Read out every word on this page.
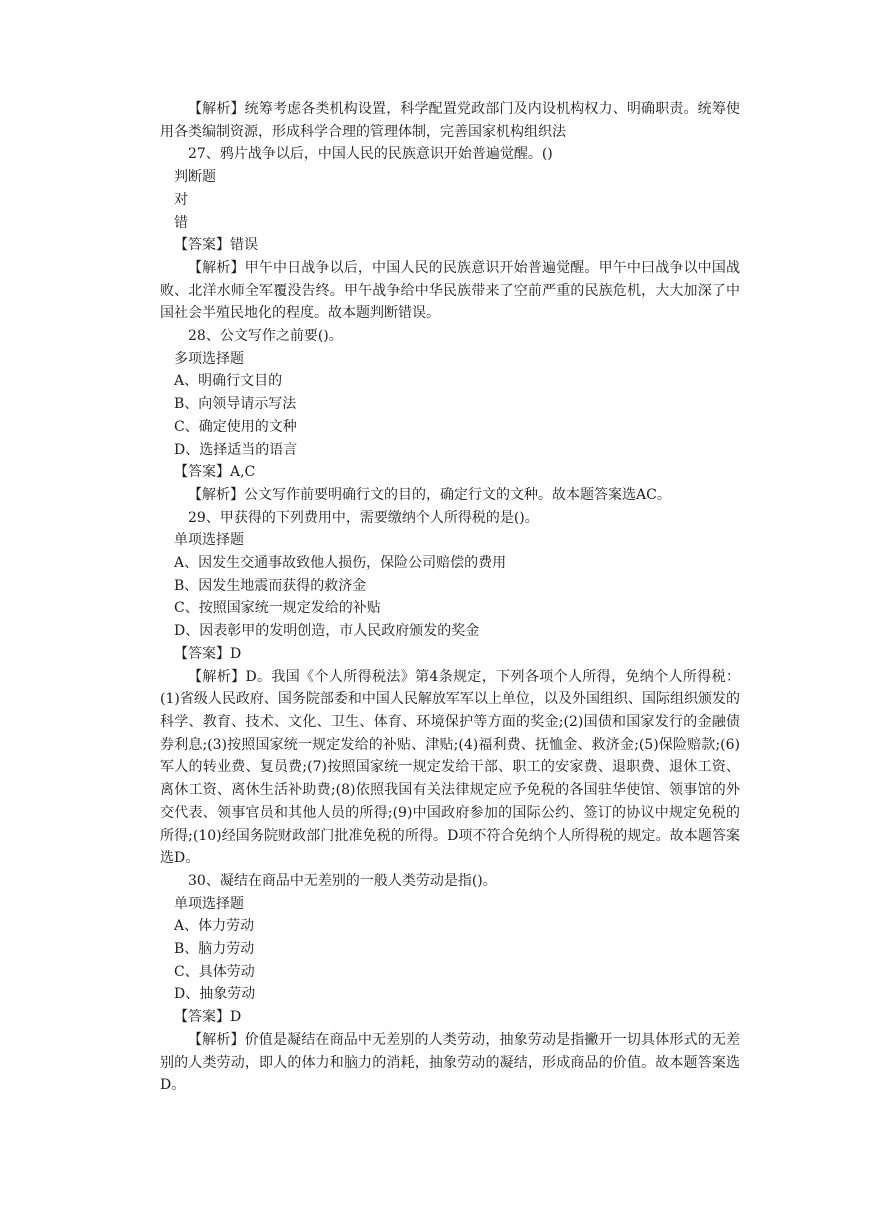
【解析】统筹考虑各类机构设置，科学配置党政部门及内设机构权力、明确职责。统筹使用各类编制资源，形成科学合理的管理体制，完善国家机构组织法

27、鸦片战争以后，中国人民的民族意识开始普遍觉醒。()

判断题

对

错

【答案】错误

【解析】甲午中日战争以后，中国人民的民族意识开始普遍觉醒。甲午中曰战争以中国战败、北洋水师全军覆没告终。甲午战争给中华民族带来了空前严重的民族危机，大大加深了中国社会半殖民地化的程度。故本题判断错误。

28、公文写作之前要()。

多项选择题

A、明确行文目的

B、向领导请示写法

C、确定使用的文种

D、选择适当的语言

【答案】A,C

【解析】公文写作前要明确行文的目的，确定行文的文种。故本题答案选AC。

29、甲获得的下列费用中，需要缴纳个人所得税的是()。

单项选择题

A、因发生交通事故致他人损伤，保险公司赔偿的费用

B、因发生地震而获得的救济金

C、按照国家统一规定发给的补贴

D、因表彰甲的发明创造，市人民政府颁发的奖金

【答案】D

【解析】D。我国《个人所得税法》第4条规定，下列各项个人所得，免纳个人所得税：(1)省级人民政府、国务院部委和中国人民解放军军以上单位，以及外国组织、国际组织颁发的科学、教育、技术、文化、卫生、体育、环境保护等方面的奖金;(2)国债和国家发行的金融债券利息;(3)按照国家统一规定发给的补贴、津贴;(4)福利费、抚恤金、救济金;(5)保险赔款;(6)军人的转业费、复员费;(7)按照国家统一规定发给干部、职工的安家费、退职费、退休工资、离休工资、离休生活补助费;(8)依照我国有关法律规定应予免税的各国驻华使馆、领事馆的外交代表、领事官员和其他人员的所得;(9)中国政府参加的国际公约、签订的协议中规定免税的所得;(10)经国务院财政部门批准免税的所得。D项不符合免纳个人所得税的规定。故本题答案选D。

30、凝结在商品中无差别的一般人类劳动是指()。

单项选择题

A、体力劳动

B、脑力劳动

C、具体劳动

D、抽象劳动

【答案】D

【解析】价值是凝结在商品中无差别的人类劳动，抽象劳动是指撇开一切具体形式的无差别的人类劳动，即人的体力和脑力的消耗，抽象劳动的凝结，形成商品的价值。故本题答案选D。
